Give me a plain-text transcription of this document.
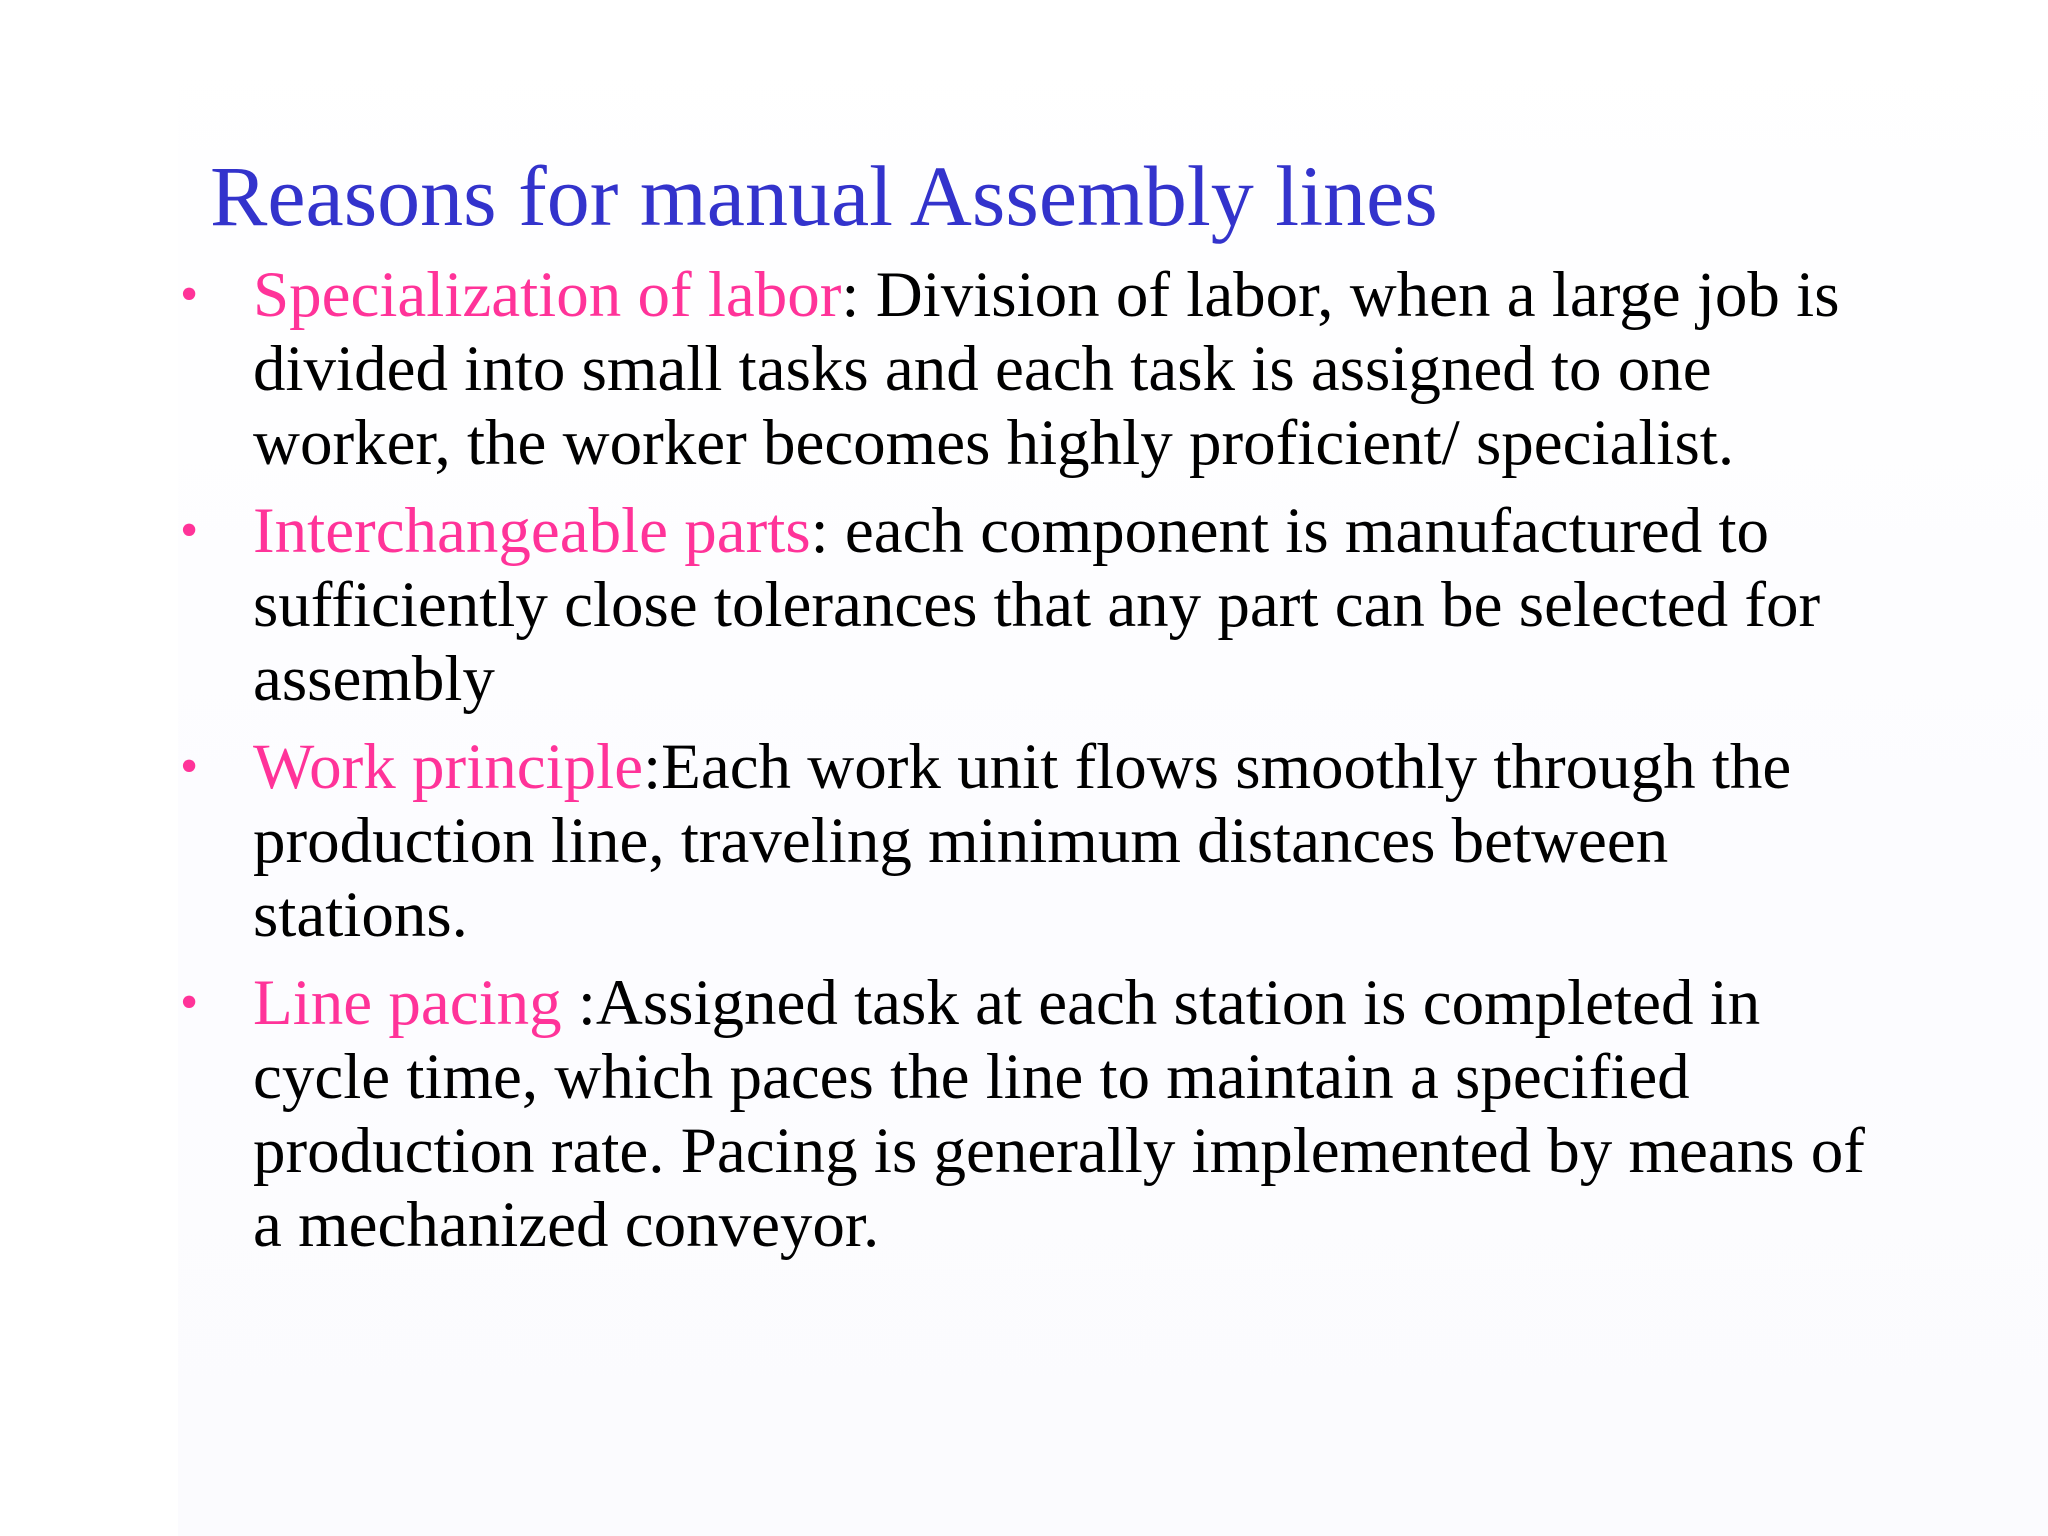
Reasons for manual Assembly lines
• Specialization of labor: Division of labor, when a large job is divided into small tasks and each task is assigned to one worker, the worker becomes highly proficient/ specialist.
• Interchangeable parts: each component is manufactured to sufficiently close tolerances that any part can be selected for assembly
• Work principle:Each work unit flows smoothly through the production line, traveling minimum distances between stations.
• Line pacing :Assigned task at each station is completed in cycle time, which paces the line to maintain a specified production rate. Pacing is generally implemented by means of a mechanized conveyor.
